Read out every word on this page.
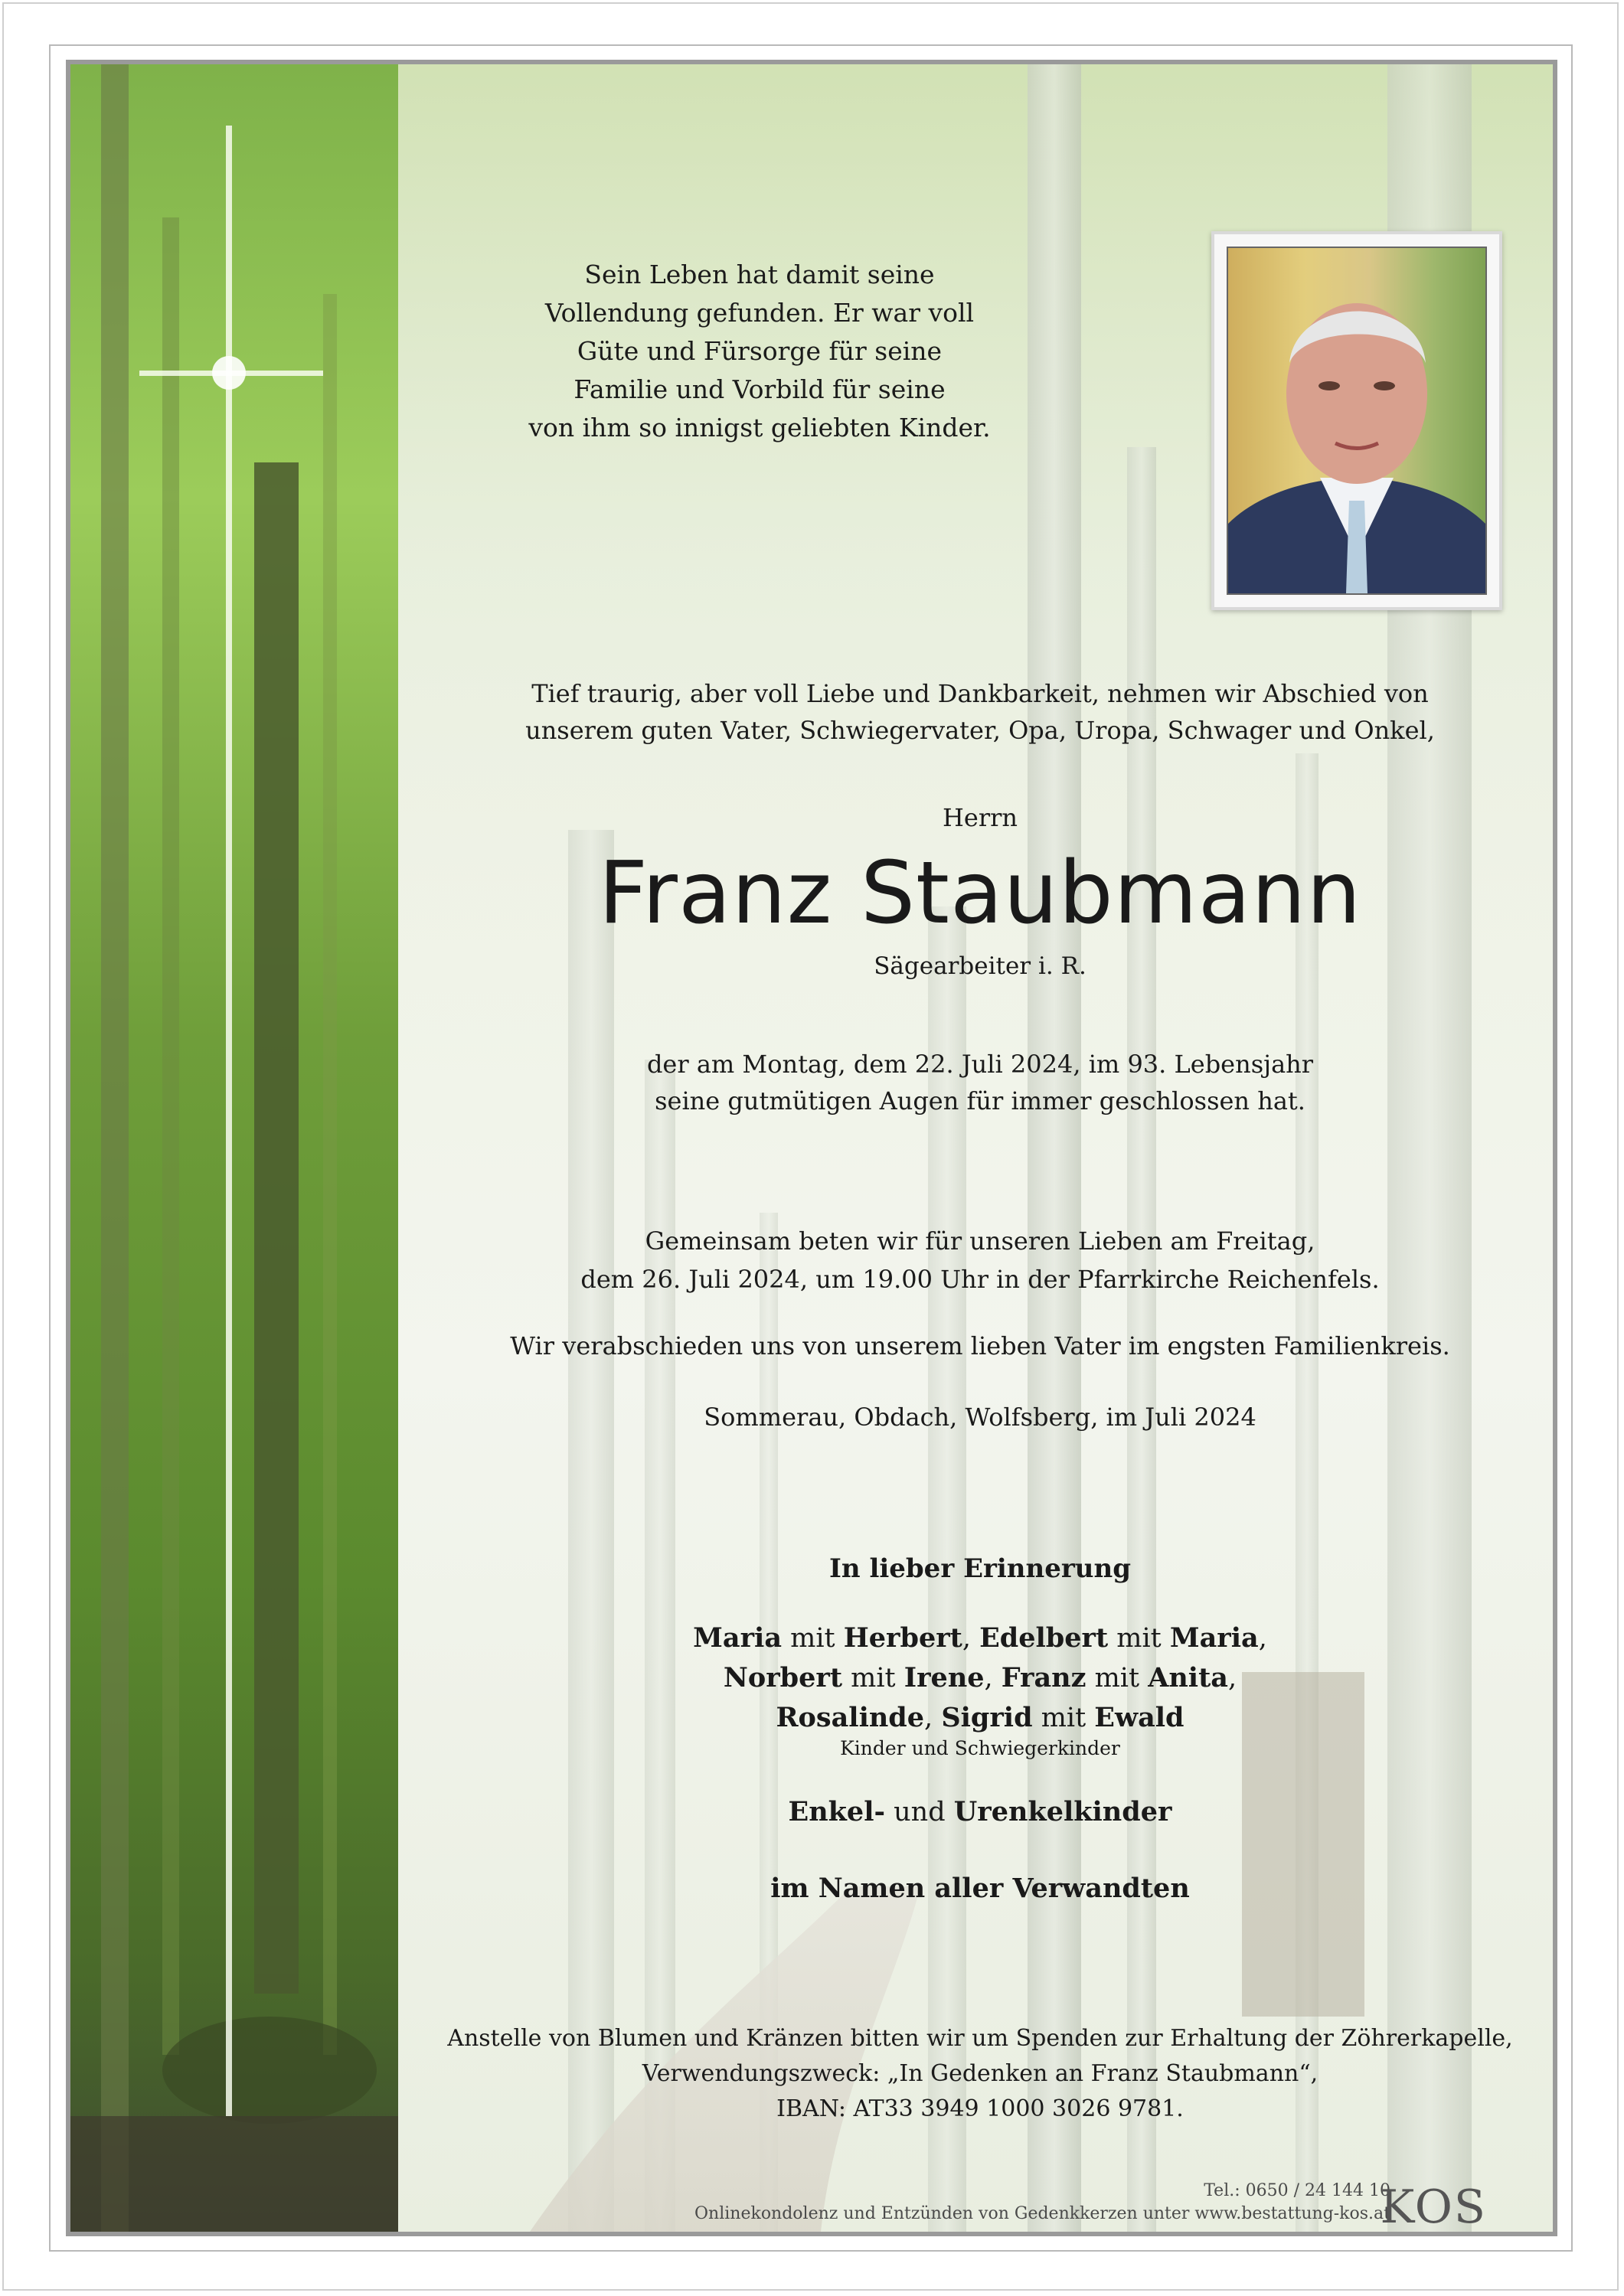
Sein Leben hat damit seine
Vollendung gefunden. Er war voll
Güte und Fürsorge für seine
Familie und Vorbild für seine
von ihm so innigst geliebten Kinder.
Tief traurig, aber voll Liebe und Dankbarkeit, nehmen wir Abschied von
unserem guten Vater, Schwiegervater, Opa, Uropa, Schwager und Onkel,
Herrn
Franz Staubmann
Sägearbeiter i. R.
der am Montag, dem 22. Juli 2024, im 93. Lebensjahr
seine gutmütigen Augen für immer geschlossen hat.
Gemeinsam beten wir für unseren Lieben am Freitag,
dem 26. Juli 2024, um 19.00 Uhr in der Pfarrkirche Reichenfels.
Wir verabschieden uns von unserem lieben Vater im engsten Familienkreis.
Sommerau, Obdach, Wolfsberg, im Juli 2024
In lieber Erinnerung
Maria mit Herbert, Edelbert mit Maria,
Norbert mit Irene, Franz mit Anita,
Rosalinde, Sigrid mit Ewald
Kinder und Schwiegerkinder
Enkel- und Urenkelkinder
im Namen aller Verwandten
Anstelle von Blumen und Kränzen bitten wir um Spenden zur Erhaltung der Zöhrerkapelle,
Verwendungszweck: „In Gedenken an Franz Staubmann“,
IBAN: AT33 3949 1000 3026 9781.
Tel.: 0650 / 24 144 10
Onlinekondolenz und Entzünden von Gedenkkerzen unter www.bestattung-kos.at
KOS
